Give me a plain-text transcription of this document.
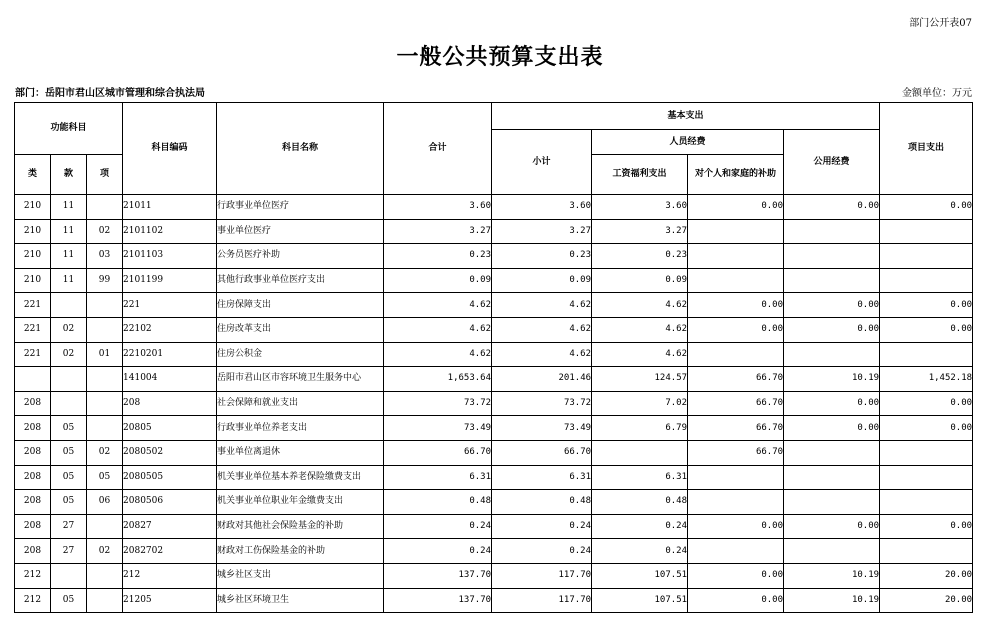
部门公开表07
一般公共预算支出表
部门：岳阳市君山区城市管理和综合执法局	金额单位：万元
功能科目			科目编码	科目名称	合计	基本支出				项目支出
						小计	人员经费		公用经费	
类	款	项					工资福利支出	对个人和家庭的补助		
210	11		21011	行政事业单位医疗	3.60	3.60	3.60	0.00	0.00	0.00
210	11	02	2101102	事业单位医疗	3.27	3.27	3.27			
210	11	03	2101103	公务员医疗补助	0.23	0.23	0.23			
210	11	99	2101199	其他行政事业单位医疗支出	0.09	0.09	0.09			
221			221	住房保障支出	4.62	4.62	4.62	0.00	0.00	0.00
221	02		22102	住房改革支出	4.62	4.62	4.62	0.00	0.00	0.00
221	02	01	2210201	住房公积金	4.62	4.62	4.62			
			141004	岳阳市君山区市容环境卫生服务中心	1,653.64	201.46	124.57	66.70	10.19	1,452.18
208			208	社会保障和就业支出	73.72	73.72	7.02	66.70	0.00	0.00
208	05		20805	行政事业单位养老支出	73.49	73.49	6.79	66.70	0.00	0.00
208	05	02	2080502	事业单位离退休	66.70	66.70		66.70		
208	05	05	2080505	机关事业单位基本养老保险缴费支出	6.31	6.31	6.31			
208	05	06	2080506	机关事业单位职业年金缴费支出	0.48	0.48	0.48			
208	27		20827	财政对其他社会保险基金的补助	0.24	0.24	0.24	0.00	0.00	0.00
208	27	02	2082702	财政对工伤保险基金的补助	0.24	0.24	0.24			
212			212	城乡社区支出	137.70	117.70	107.51	0.00	10.19	20.00
212	05		21205	城乡社区环境卫生	137.70	117.70	107.51	0.00	10.19	20.00
